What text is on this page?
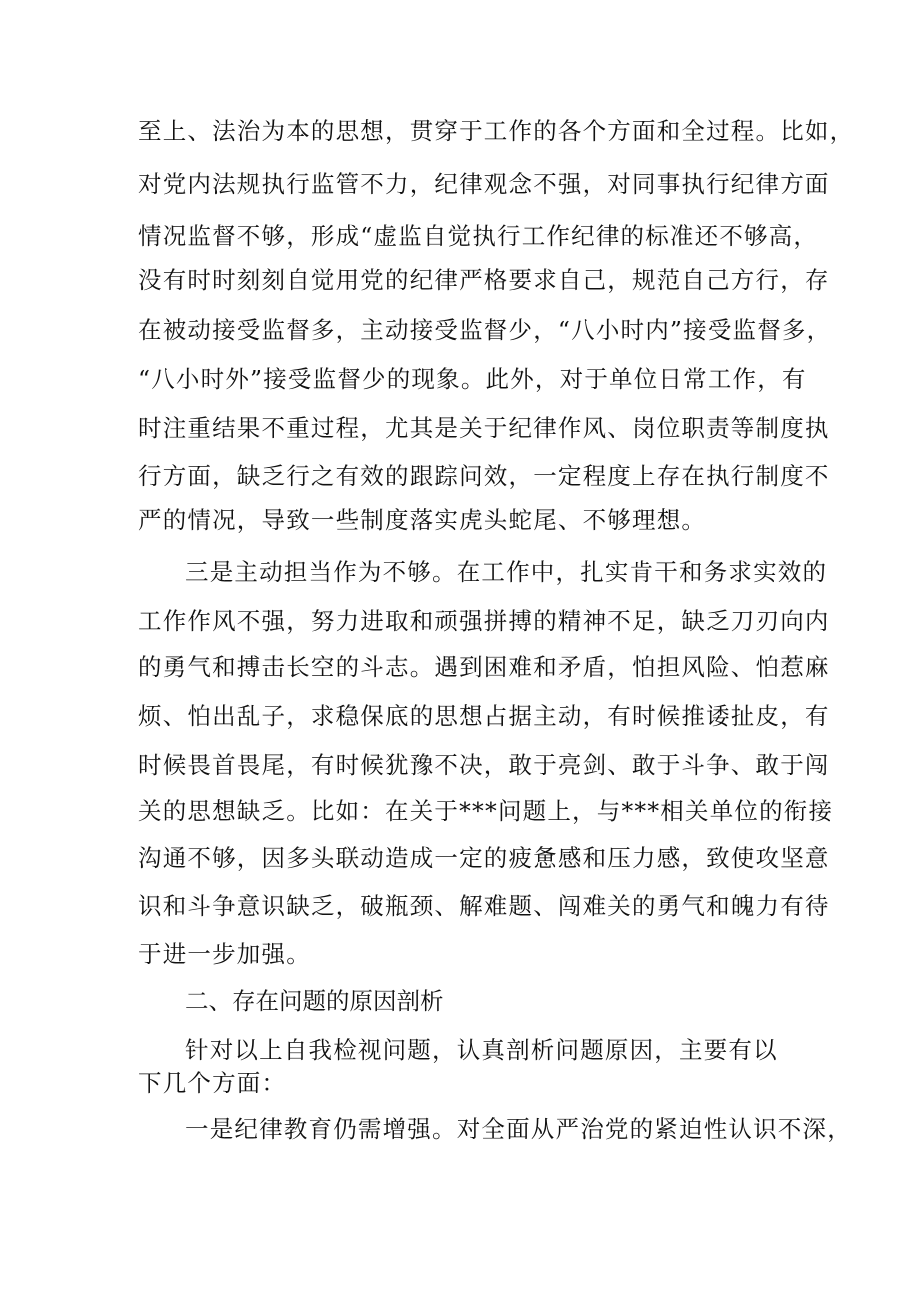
至上、法治为本的思想，贯穿于工作的各个方面和全过程。比如，
对党内法规执行监管不力，纪律观念不强，对同事执行纪律方面
情况监督不够，形成“虚监自觉执行工作纪律的标准还不够高，
没有时时刻刻自觉用党的纪律严格要求自己，规范自己方行，存
在被动接受监督多，主动接受监督少，“八小时内”接受监督多，
“八小时外”接受监督少的现象。此外，对于单位日常工作，有
时注重结果不重过程，尤其是关于纪律作风、岗位职责等制度执
行方面，缺乏行之有效的跟踪问效，一定程度上存在执行制度不
严的情况，导致一些制度落实虎头蛇尾、不够理想。
三是主动担当作为不够。在工作中，扎实肯干和务求实效的
工作作风不强，努力进取和顽强拼搏的精神不足，缺乏刀刃向内
的勇气和搏击长空的斗志。遇到困难和矛盾，怕担风险、怕惹麻
烦、怕出乱子，求稳保底的思想占据主动，有时候推诿扯皮，有
时候畏首畏尾，有时候犹豫不决，敢于亮剑、敢于斗争、敢于闯
关的思想缺乏。比如：在关于***问题上，与***相关单位的衔接
沟通不够，因多头联动造成一定的疲惫感和压力感，致使攻坚意
识和斗争意识缺乏，破瓶颈、解难题、闯难关的勇气和魄力有待
于进一步加强。
二、存在问题的原因剖析
针对以上自我检视问题，认真剖析问题原因，主要有以
下几个方面：
一是纪律教育仍需增强。对全面从严治党的紧迫性认识不深，
